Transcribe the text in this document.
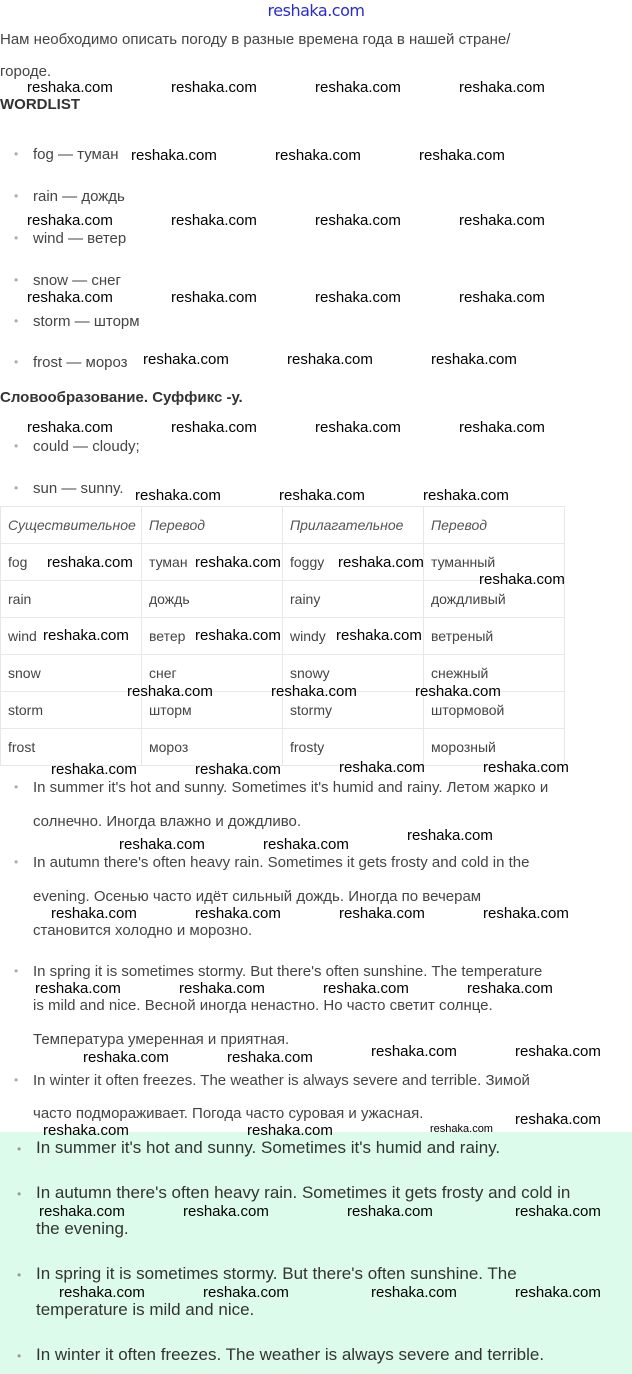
reshaka.com
Нам необходимо описать погоду в разные времена года в нашей стране/
городе.
WORDLIST
• fog — туман
• rain — дождь
• wind — ветер
• snow — снег
• storm — шторм
• frost — мороз
Словообразование. Суффикс -у.
• could — cloudy;
• sun — sunny.
Существительное	Перевод	Прилагательное	Перевод
fog	туман	foggy	туманный
rain	дождь	rainy	дождливый
wind	ветер	windy	ветреный
snow	снег	snowy	снежный
storm	шторм	stormy	штормовой
frost	мороз	frosty	морозный
• In summer it's hot and sunny. Sometimes it's humid and rainy. Летом жарко и
солнечно. Иногда влажно и дождливо.
• In autumn there's often heavy rain. Sometimes it gets frosty and cold in the
evening. Осенью часто идёт сильный дождь. Иногда по вечерам
становится холодно и морозно.
• In spring it is sometimes stormy. But there's often sunshine. The temperature
is mild and nice. Весной иногда ненастно. Но часто светит солнце.
Температура умеренная и приятная.
• In winter it often freezes. The weather is always severe and terrible. Зимой
часто подмораживает. Погода часто суровая и ужасная.
• In summer it's hot and sunny. Sometimes it's humid and rainy.
• In autumn there's often heavy rain. Sometimes it gets frosty and cold in
the evening.
• In spring it is sometimes stormy. But there's often sunshine. The
temperature is mild and nice.
• In winter it often freezes. The weather is always severe and terrible.
reshaka.com	reshaka.com	reshaka.com	reshaka.com
reshaka.com	reshaka.com	reshaka.com
reshaka.com	reshaka.com	reshaka.com	reshaka.com
reshaka.com	reshaka.com	reshaka.com	reshaka.com
reshaka.com	reshaka.com	reshaka.com
reshaka.com	reshaka.com	reshaka.com	reshaka.com
reshaka.com	reshaka.com	reshaka.com
reshaka.com	reshaka.com	reshaka.com
reshaka.com
reshaka.com	reshaka.com	reshaka.com
reshaka.com	reshaka.com	reshaka.com
reshaka.com	reshaka.com
reshaka.com	reshaka.com
reshaka.com
reshaka.com	reshaka.com
reshaka.com	reshaka.com
reshaka.com	reshaka.com
reshaka.com	reshaka.com
reshaka.com	reshaka.com
reshaka.com	reshaka.com
reshaka.com	reshaka.com
reshaka.com
reshaka.com	reshaka.com
reshaka.com	reshaka.com	reshaka.com	reshaka.com
reshaka.com	reshaka.com	reshaka.com
reshaka.com
reshaka.com
